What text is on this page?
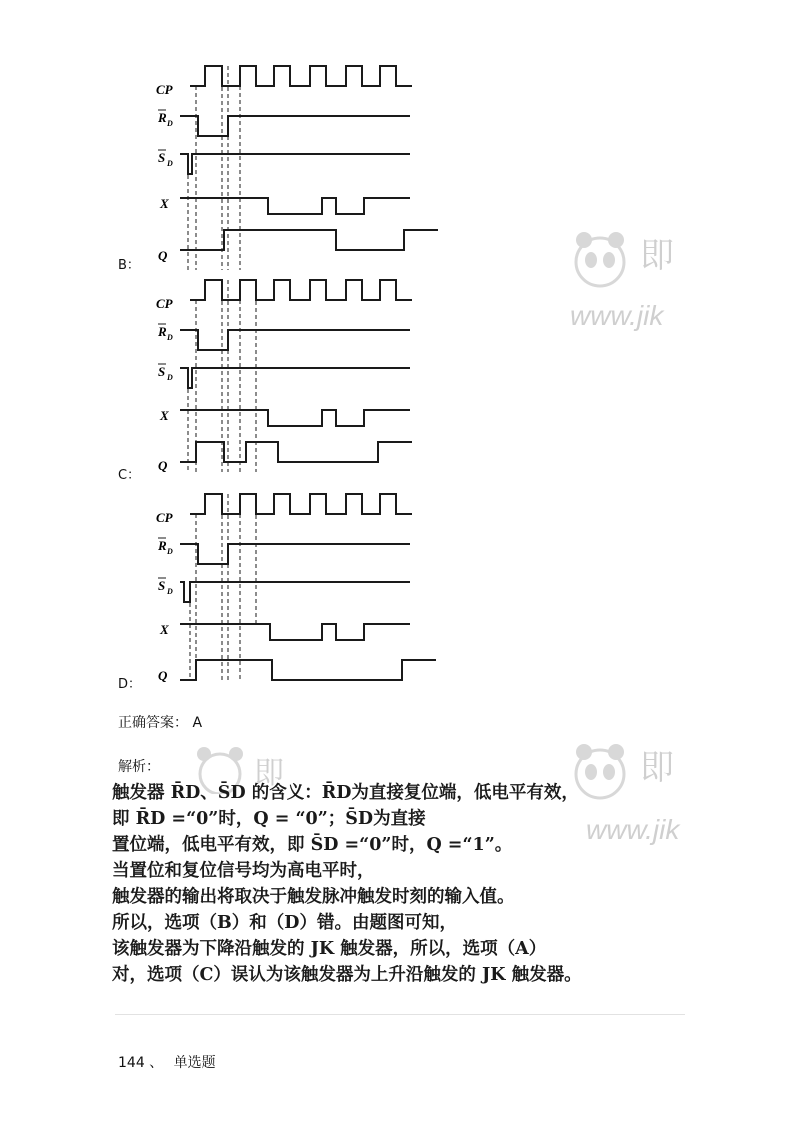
B：
CP
R D
S D
X
Q
C：
CP
R D
S D
X
Q
D：
CP
R D
S D
X
Q
即
www.jik
即	即
www.jik
正确答案： A
解析：
触发器 R̄D、S̄D 的含义：R̄D为直接复位端，低电平有效，
即 R̄D =“0”时，Q = “0”；S̄D为直接
置位端，低电平有效，即 S̄D =“0”时，Q =“1”。
当置位和复位信号均为高电平时，
触发器的输出将取决于触发脉冲触发时刻的输入值。
所以，选项（B）和（D）错。由题图可知，
该触发器为下降沿触发的 JK 触发器，所以，选项（A）
对，选项（C）误认为该触发器为上升沿触发的 JK 触发器。
144 、 单选题
